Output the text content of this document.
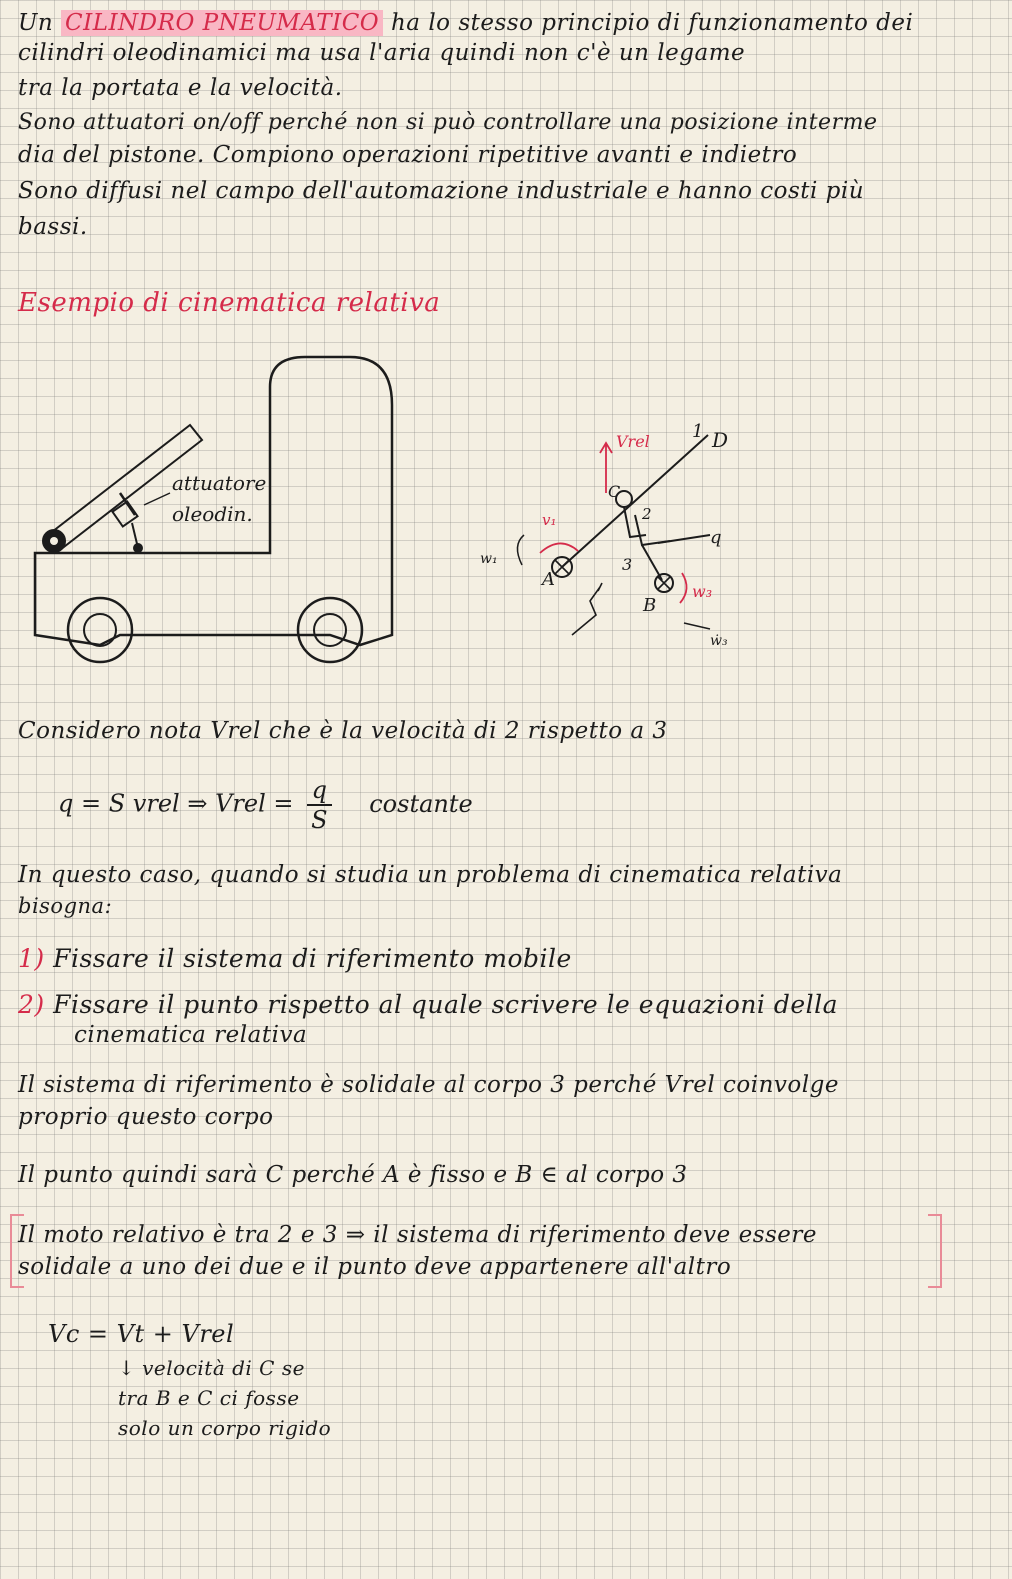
Un CILINDRO PNEUMATICO ha lo stesso principio di funzionamento dei
cilindri oleodinamici ma usa l'aria quindi non c'è un legame
tra la portata e la velocità.
Sono attuatori on/off perché non si può controllare una posizione interme
dia del pistone. Compiono operazioni ripetitive avanti e indietro
Sono diffusi nel campo dell'automazione industriale e hanno costi più
bassi.
Esempio di cinematica relativa
attuatore
oleodin.
1 D
A
C
2
3
q
B
Vrel
v₁
w₁
w₃
ẇ₃
Considero nota Vrel che è la velocità di 2 rispetto a 3
q = S vrel ⇒ Vrel = $\frac{q}{S}$ costante
In questo caso, quando si studia un problema di cinematica relativa
bisogna:
1) Fissare il sistema di riferimento mobile
2) Fissare il punto rispetto al quale scrivere le equazioni della
cinematica relativa
Il sistema di riferimento è solidale al corpo 3 perché Vrel coinvolge
proprio questo corpo
Il punto quindi sarà C perché A è fisso e B ∈ al corpo 3
Il moto relativo è tra 2 e 3 ⇒ il sistema di riferimento deve essere
solidale a uno dei due e il punto deve appartenere all'altro
Vc = Vt + Vrel
↓ velocità di C se
tra B e C ci fosse
solo un corpo rigido
